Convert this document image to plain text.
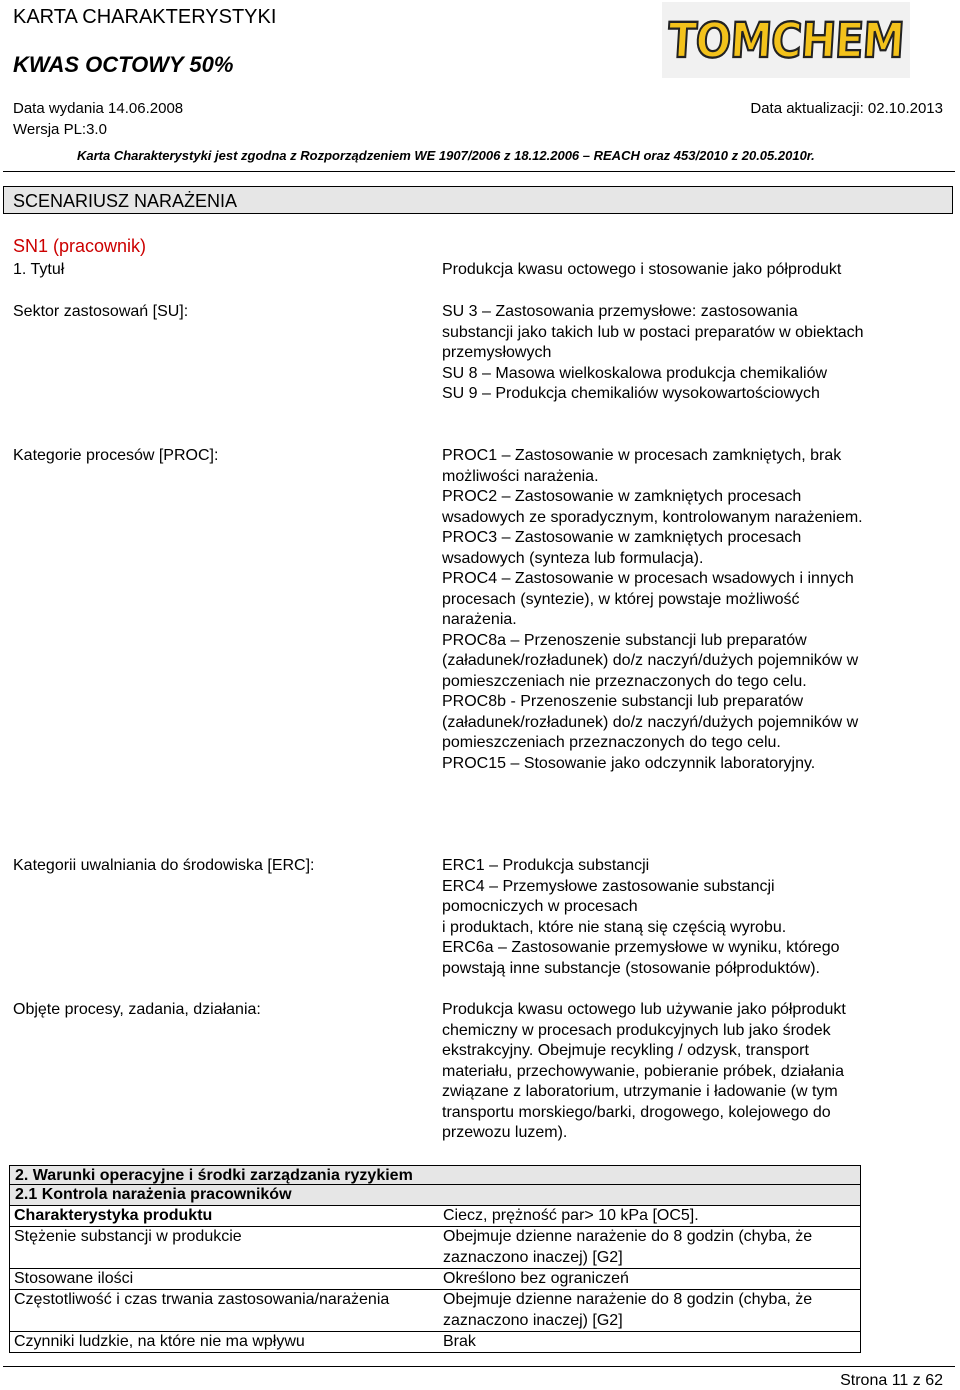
KARTA CHARAKTERYSTYKI
KWAS OCTOWY 50%	TOMCHEM
Data wydania 14.06.2008	Data aktualizacji: 02.10.2013
Wersja PL:3.0
Karta Charakterystyki jest zgodna z Rozporządzeniem WE 1907/2006 z 18.12.2006 – REACH oraz 453/2010 z 20.05.2010r.
SCENARIUSZ NARAŻENIA
SN1 (pracownik)
1. Tytuł	Produkcja kwasu octowego i stosowanie jako półprodukt
Sektor zastosowań [SU]:	SU 3 – Zastosowania przemysłowe: zastosowania substancji jako takich lub w postaci preparatów w obiektach przemysłowych
SU 8 – Masowa wielkoskalowa produkcja chemikaliów
SU 9 – Produkcja chemikaliów wysokowartościowych
Kategorie procesów [PROC]:	PROC1 – Zastosowanie w procesach zamkniętych, brak możliwości narażenia.
PROC2 – Zastosowanie w zamkniętych procesach wsadowych ze sporadycznym, kontrolowanym narażeniem.
PROC3 – Zastosowanie w zamkniętych procesach wsadowych (synteza lub formulacja).
PROC4 – Zastosowanie w procesach wsadowych i innych procesach (syntezie), w której powstaje możliwość narażenia.
PROC8a – Przenoszenie substancji lub preparatów (załadunek/rozładunek) do/z naczyń/dużych pojemników w pomieszczeniach nie przeznaczonych do tego celu.
PROC8b - Przenoszenie substancji lub preparatów (załadunek/rozładunek) do/z naczyń/dużych pojemników w pomieszczeniach przeznaczonych do tego celu.
PROC15 – Stosowanie jako odczynnik laboratoryjny.
Kategorii uwalniania do środowiska [ERC]:	ERC1 – Produkcja substancji
ERC4 – Przemysłowe zastosowanie substancji pomocniczych w procesach
i produktach, które nie staną się częścią wyrobu.
ERC6a – Zastosowanie przemysłowe w wyniku, którego powstają inne substancje (stosowanie półproduktów).
Objęte procesy, zadania, działania:	Produkcja kwasu octowego lub używanie jako półprodukt chemiczny w procesach produkcyjnych lub jako środek ekstrakcyjny. Obejmuje recykling / odzysk, transport materiału, przechowywanie, pobieranie próbek, działania związane z laboratorium, utrzymanie i ładowanie (w tym transportu morskiego/barki, drogowego, kolejowego do przewozu luzem).
2. Warunki operacyjne i środki zarządzania ryzykiem
2.1 Kontrola narażenia pracowników
Charakterystyka produktu	Ciecz, prężność par> 10 kPa [OC5].
Stężenie substancji w produkcie	Obejmuje dzienne narażenie do 8 godzin (chyba, że zaznaczono inaczej) [G2]
Stosowane ilości	Określono bez ograniczeń
Częstotliwość i czas trwania zastosowania/narażenia	Obejmuje dzienne narażenie do 8 godzin (chyba, że zaznaczono inaczej) [G2]
Czynniki ludzkie, na które nie ma wpływu	Brak
Strona 11 z 62
